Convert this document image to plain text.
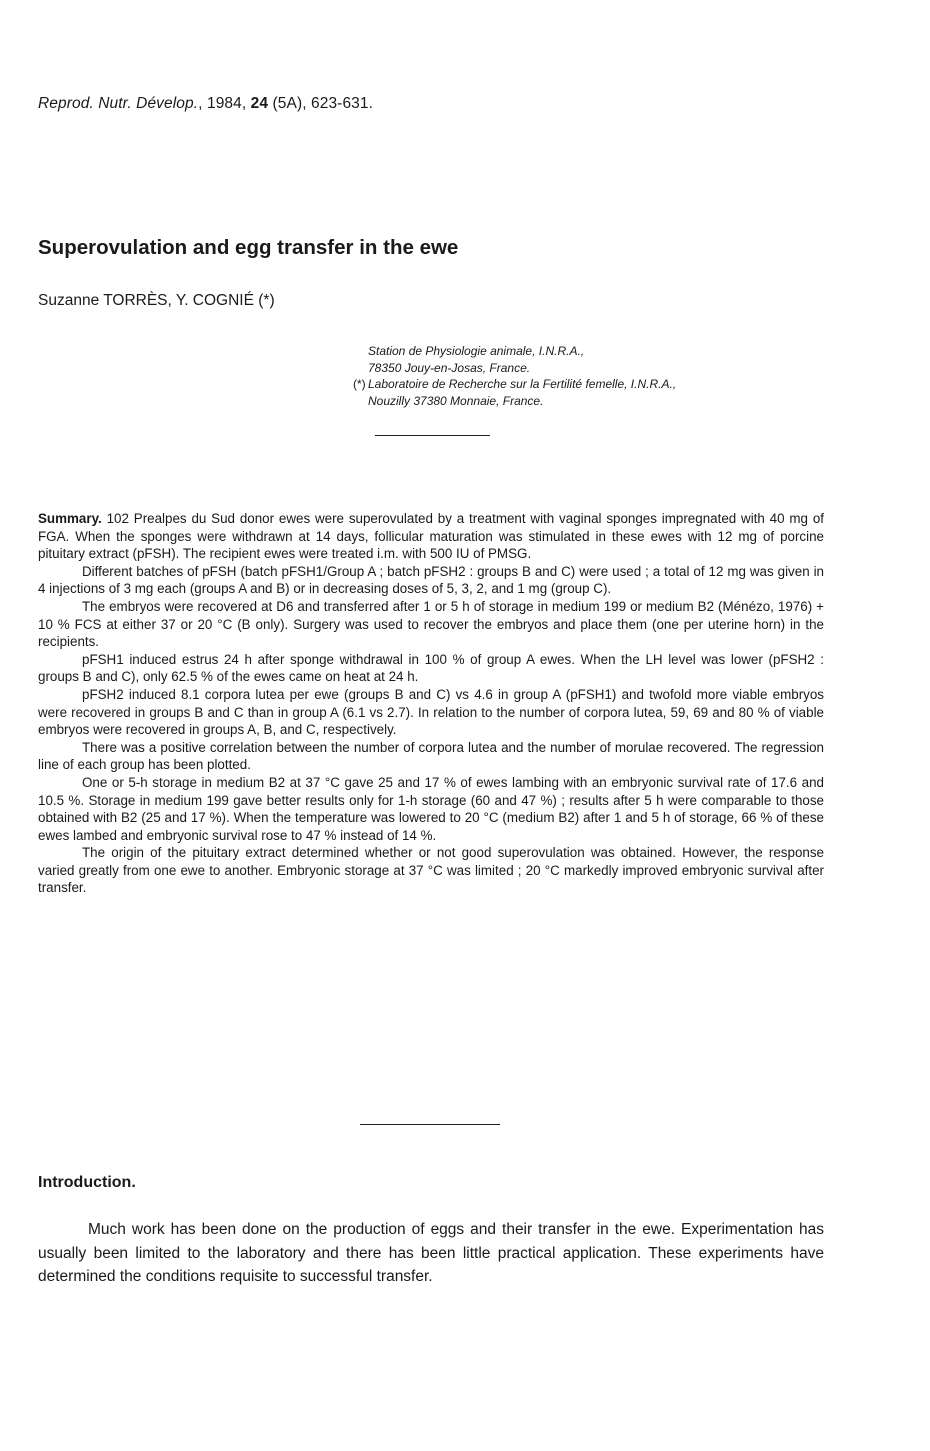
Reprod. Nutr. Dévelop., 1984, 24 (5A), 623-631.
Superovulation and egg transfer in the ewe
Suzanne TORRÈS, Y. COGNIÉ (*)
Station de Physiologie animale, I.N.R.A.,
78350 Jouy-en-Josas, France.
(*) Laboratoire de Recherche sur la Fertilité femelle, I.N.R.A.,
Nouzilly 37380 Monnaie, France.

Summary. 102 Prealpes du Sud donor ewes were superovulated by a treatment with vaginal sponges impregnated with 40 mg of FGA. When the sponges were withdrawn at 14 days, follicular maturation was stimulated in these ewes with 12 mg of porcine pituitary extract (pFSH). The recipient ewes were treated i.m. with 500 IU of PMSG.

Different batches of pFSH (batch pFSH1/Group A ; batch pFSH2 : groups B and C) were used ; a total of 12 mg was given in 4 injections of 3 mg each (groups A and B) or in decreasing doses of 5, 3, 2, and 1 mg (group C).

The embryos were recovered at D6 and transferred after 1 or 5 h of storage in medium 199 or medium B2 (Ménézo, 1976) + 10 % FCS at either 37 or 20 °C (B only). Surgery was used to recover the embryos and place them (one per uterine horn) in the recipients.

pFSH1 induced estrus 24 h after sponge withdrawal in 100 % of group A ewes. When the LH level was lower (pFSH2 : groups B and C), only 62.5 % of the ewes came on heat at 24 h.

pFSH2 induced 8.1 corpora lutea per ewe (groups B and C) vs 4.6 in group A (pFSH1) and twofold more viable embryos were recovered in groups B and C than in group A (6.1 vs 2.7). In relation to the number of corpora lutea, 59, 69 and 80 % of viable embryos were recovered in groups A, B, and C, respectively.

There was a positive correlation between the number of corpora lutea and the number of morulae recovered. The regression line of each group has been plotted.

One or 5-h storage in medium B2 at 37 °C gave 25 and 17 % of ewes lambing with an embryonic survival rate of 17.6 and 10.5 %. Storage in medium 199 gave better results only for 1-h storage (60 and 47 %) ; results after 5 h were comparable to those obtained with B2 (25 and 17 %). When the temperature was lowered to 20 °C (medium B2) after 1 and 5 h of storage, 66 % of these ewes lambed and embryonic survival rose to 47 % instead of 14 %.

The origin of the pituitary extract determined whether or not good superovulation was obtained. However, the response varied greatly from one ewe to another. Embryonic storage at 37 °C was limited ; 20 °C markedly improved embryonic survival after transfer.

Introduction.

Much work has been done on the production of eggs and their transfer in the ewe. Experimentation has usually been limited to the laboratory and there has been little practical application. These experiments have determined the conditions requisite to successful transfer.
